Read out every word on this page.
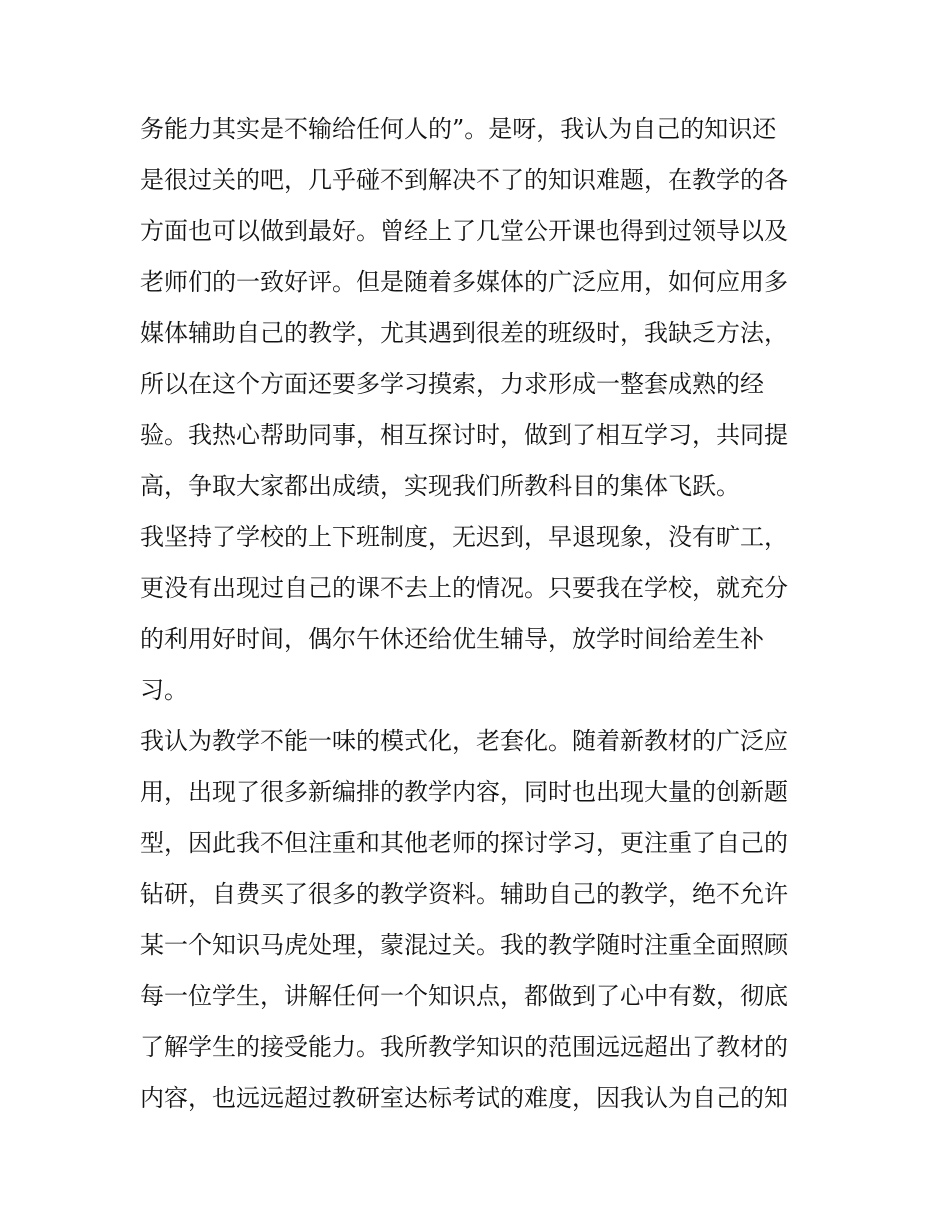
务能力其实是不输给任何人的”。是呀，我认为自己的知识还
是很过关的吧，几乎碰不到解决不了的知识难题，在教学的各
方面也可以做到最好。曾经上了几堂公开课也得到过领导以及
老师们的一致好评。但是随着多媒体的广泛应用，如何应用多
媒体辅助自己的教学，尤其遇到很差的班级时，我缺乏方法，
所以在这个方面还要多学习摸索，力求形成一整套成熟的经
验。我热心帮助同事，相互探讨时，做到了相互学习，共同提
高，争取大家都出成绩，实现我们所教科目的集体飞跃。
我坚持了学校的上下班制度，无迟到，早退现象，没有旷工，
更没有出现过自己的课不去上的情况。只要我在学校，就充分
的利用好时间，偶尔午休还给优生辅导，放学时间给差生补
习。
我认为教学不能一味的模式化，老套化。随着新教材的广泛应
用，出现了很多新编排的教学内容，同时也出现大量的创新题
型，因此我不但注重和其他老师的探讨学习，更注重了自己的
钻研，自费买了很多的教学资料。辅助自己的教学，绝不允许
某一个知识马虎处理，蒙混过关。我的教学随时注重全面照顾
每一位学生，讲解任何一个知识点，都做到了心中有数，彻底
了解学生的接受能力。我所教学知识的范围远远超出了教材的
内容，也远远超过教研室达标考试的难度，因我认为自己的知
